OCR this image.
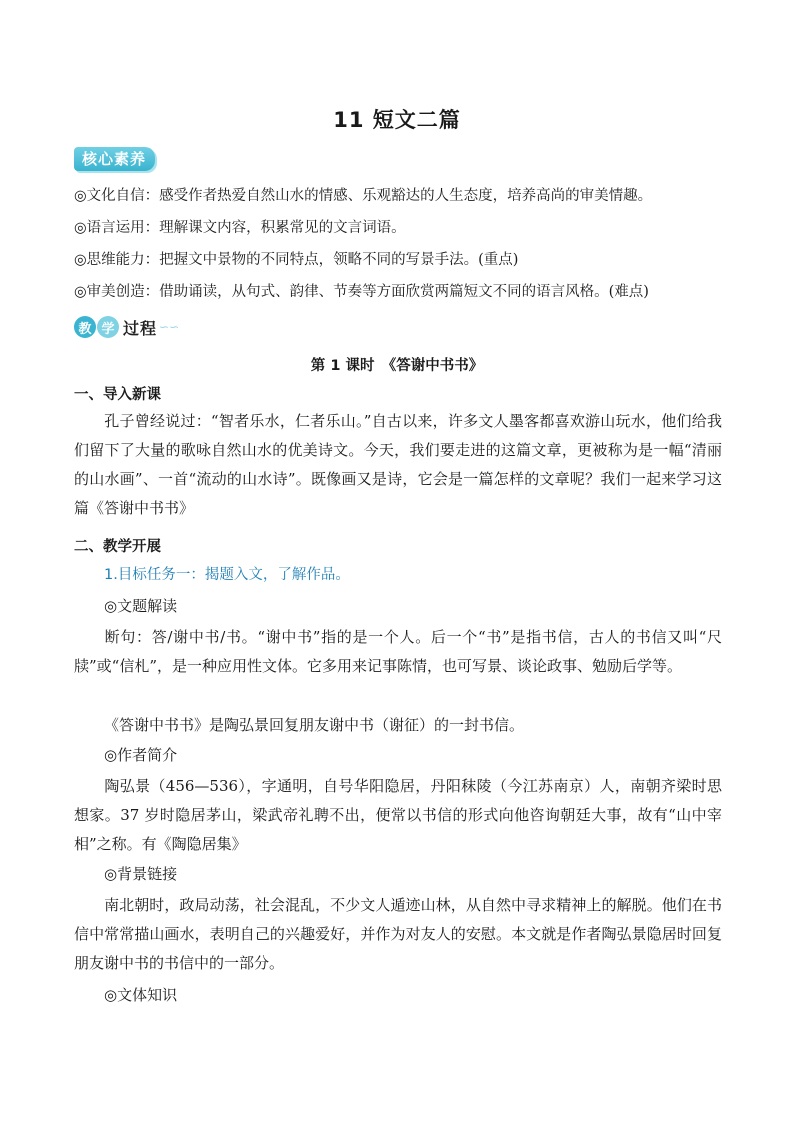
11 短文二篇
核心素养
◎文化自信：感受作者热爱自然山水的情感、乐观豁达的人生态度，培养高尚的审美情趣。
◎语言运用：理解课文内容，积累常见的文言词语。
◎思维能力：把握文中景物的不同特点，领略不同的写景手法。(重点)
◎审美创造：借助诵读，从句式、韵律、节奏等方面欣赏两篇短文不同的语言风格。(难点)
教 学 过程 ∽∽
第 1 课时　《答谢中书书》
一、导入新课
孔子曾经说过：“智者乐水，仁者乐山。”自古以来，许多文人墨客都喜欢游山玩水，他们给我们留下了大量的歌咏自然山水的优美诗文。今天，我们要走进的这篇文章，更被称为是一幅“清丽的山水画”、一首“流动的山水诗”。既像画又是诗，它会是一篇怎样的文章呢？我们一起来学习这篇《答谢中书书》
二、教学开展
1.目标任务一：揭题入文，了解作品。
◎文题解读
断句：答/谢中书/书。“谢中书”指的是一个人。后一个“书”是指书信，古人的书信又叫“尺牍”或“信札”，是一种应用性文体。它多用来记事陈情，也可写景、谈论政事、勉励后学等。
《答谢中书书》是陶弘景回复朋友谢中书（谢征）的一封书信。
◎作者简介
陶弘景（456—536），字通明，自号华阳隐居，丹阳秣陵（今江苏南京）人，南朝齐梁时思想家。37 岁时隐居茅山，梁武帝礼聘不出，便常以书信的形式向他咨询朝廷大事，故有“山中宰相”之称。有《陶隐居集》
◎背景链接
南北朝时，政局动荡，社会混乱，不少文人遁迹山林，从自然中寻求精神上的解脱。他们在书信中常常描山画水，表明自己的兴趣爱好，并作为对友人的安慰。本文就是作者陶弘景隐居时回复朋友谢中书的书信中的一部分。
◎文体知识
